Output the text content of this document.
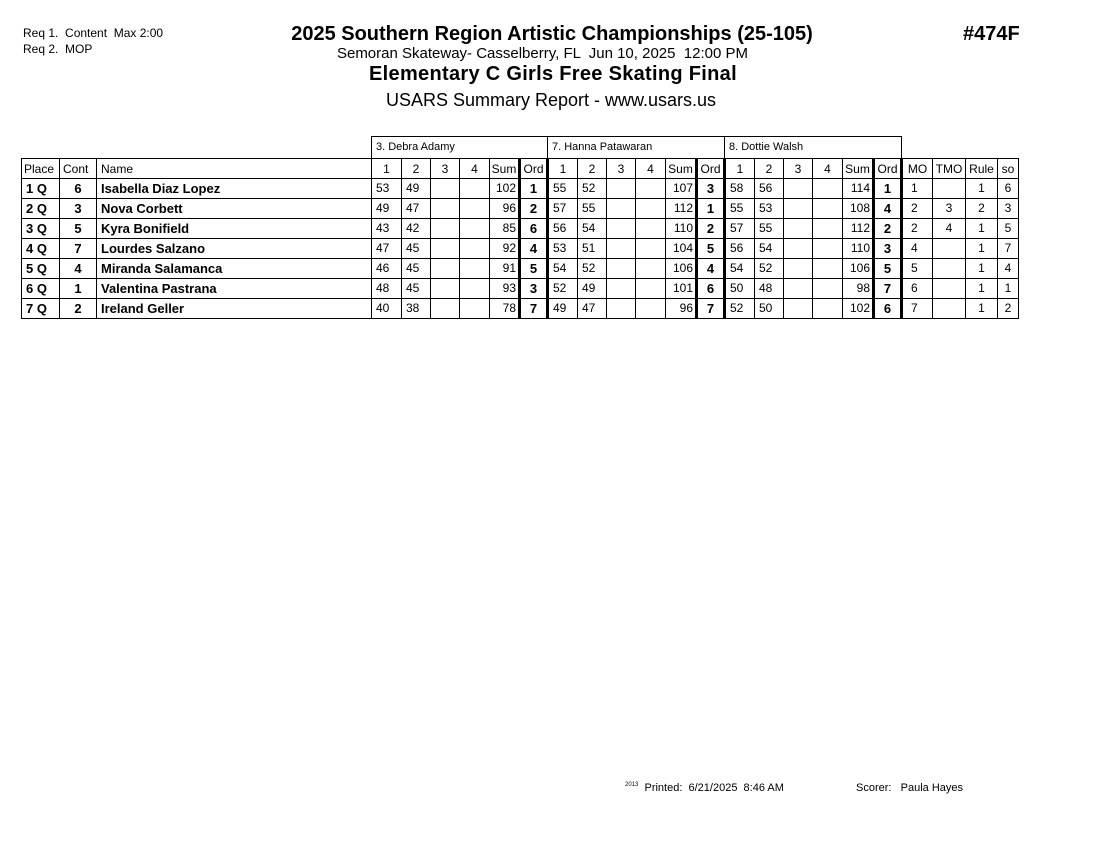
Req 1.  Content  Max 2:00
Req 2.  MOP
#474F
2025 Southern Region Artistic Championships (25-105)
Semoran Skateway- Casselberry, FL  Jun 10, 2025  12:00 PM
Elementary C Girls Free Skating Final
USARS Summary Report - www.usars.us
			3. Debra Adamy						7. Hanna Patawaran						8. Dottie Walsh									
Place	Cont	Name	1	2	3	4	Sum	Ord	1	2	3	4	Sum	Ord	1	2	3	4	Sum	Ord	MO	TMO	Rule	so
1 Q	6	Isabella Diaz Lopez	53	49			102	1	55	52			107	3	58	56			114	1	1		1	6
2 Q	3	Nova Corbett	49	47			96	2	57	55			112	1	55	53			108	4	2	3	2	3
3 Q	5	Kyra Bonifield	43	42			85	6	56	54			110	2	57	55			112	2	2	4	1	5
4 Q	7	Lourdes Salzano	47	45			92	4	53	51			104	5	56	54			110	3	4		1	7
5 Q	4	Miranda Salamanca	46	45			91	5	54	52			106	4	54	52			106	5	5		1	4
6 Q	1	Valentina Pastrana	48	45			93	3	52	49			101	6	50	48			98	7	6		1	1
7 Q	2	Ireland Geller	40	38			78	7	49	47			96	7	52	50			102	6	7		1	2
$^{2013}$ Printed:  6/21/2025  8:46 AM	Scorer:   Paula Hayes
